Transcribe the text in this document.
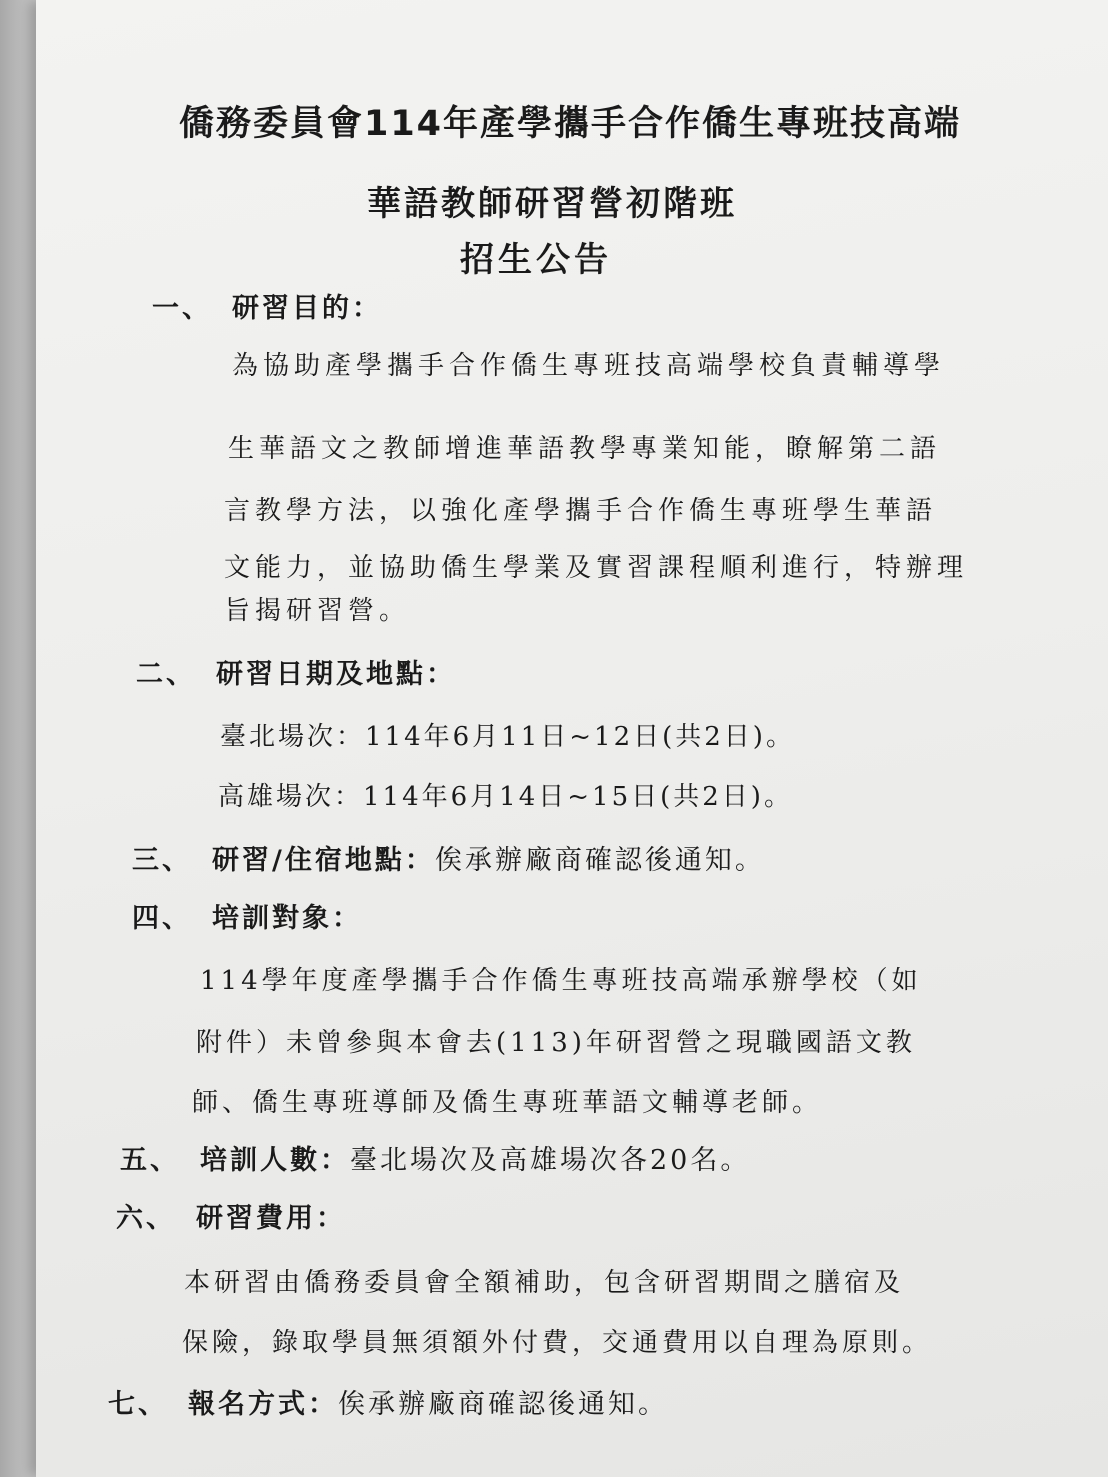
僑務委員會114年產學攜手合作僑生專班技高端
華語教師研習營初階班
招生公告
一、 研習目的：
為協助產學攜手合作僑生專班技高端學校負責輔導學
生華語文之教師增進華語教學專業知能，瞭解第二語
言教學方法，以強化產學攜手合作僑生專班學生華語
文能力，並協助僑生學業及實習課程順利進行，特辦理
旨揭研習營。
二、 研習日期及地點：
臺北場次：114年6月11日~12日(共2日)。
高雄場次：114年6月14日~15日(共2日)。
三、 研習/住宿地點：俟承辦廠商確認後通知。
四、 培訓對象：
114學年度產學攜手合作僑生專班技高端承辦學校（如
附件）未曾參與本會去(113)年研習營之現職國語文教
師、僑生專班導師及僑生專班華語文輔導老師。
五、 培訓人數：臺北場次及高雄場次各20名。
六、 研習費用：
本研習由僑務委員會全額補助，包含研習期間之膳宿及
保險，錄取學員無須額外付費，交通費用以自理為原則。
七、 報名方式：俟承辦廠商確認後通知。
